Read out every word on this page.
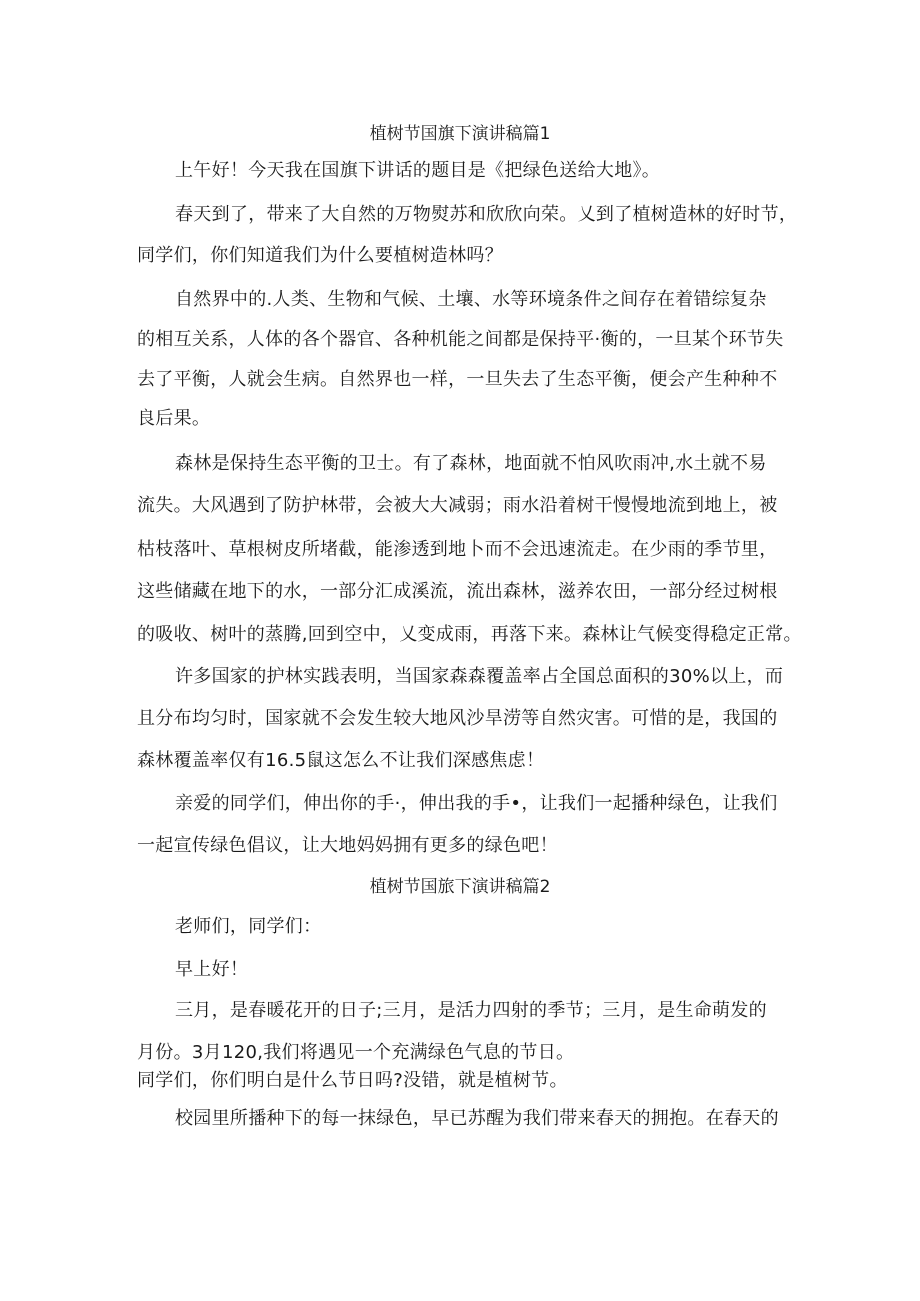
植树节国旗下演讲稿篇1
上午好！今天我在国旗下讲话的题目是《把绿色送给大地》。
春天到了，带来了大自然的万物熨苏和欣欣向荣。乂到了植树造林的好时节，
同学们，你们知道我们为什么要植树造林吗？
自然界中的.人类、生物和气候、土壤、水等环境条件之间存在着错综复杂
的相互关系，人体的各个器官、各种机能之间都是保持平·衡的，一旦某个环节失
去了平衡，人就会生病。自然界也一样，一旦失去了生态平衡，便会产生种种不
良后果。
森林是保持生态平衡的卫士。有了森林，地面就不怕风吹雨冲,水土就不易
流失。大风遇到了防护林带，会被大大减弱；雨水沿着树干慢慢地流到地上，被
枯枝落叶、草根树皮所堵截，能渗透到地卜而不会迅速流走。在少雨的季节里，
这些储藏在地下的水，一部分汇成溪流，流出森林，滋养农田，一部分经过树根
的吸收、树叶的蒸腾,回到空中，乂变成雨，再落下来。森林让气候变得稳定正常。
许多国家的护林实践表明，当国家森森覆盖率占全国总面积的30%以上，而
且分布均匀时，国家就不会发生较大地风沙旱涝等自然灾害。可惜的是，我国的
森林覆盖率仅有16.5鼠这怎么不让我们深感焦虑！
亲爱的同学们，伸出你的手·，伸出我的手•，让我们一起播种绿色，让我们
一起宣传绿色倡议，让大地妈妈拥有更多的绿色吧！
植树节国旅下演讲稿篇2
老师们，同学们：
早上好！
三月，是春暖花开的日子;三月，是活力四射的季节；三月，是生命萌发的
月份。3月120,我们将遇见一个充满绿色气息的节日。
同学们，你们明白是什么节日吗?没错，就是植树节。
校园里所播种下的每一抹绿色，早已苏醒为我们带来春天的拥抱。在春天的
